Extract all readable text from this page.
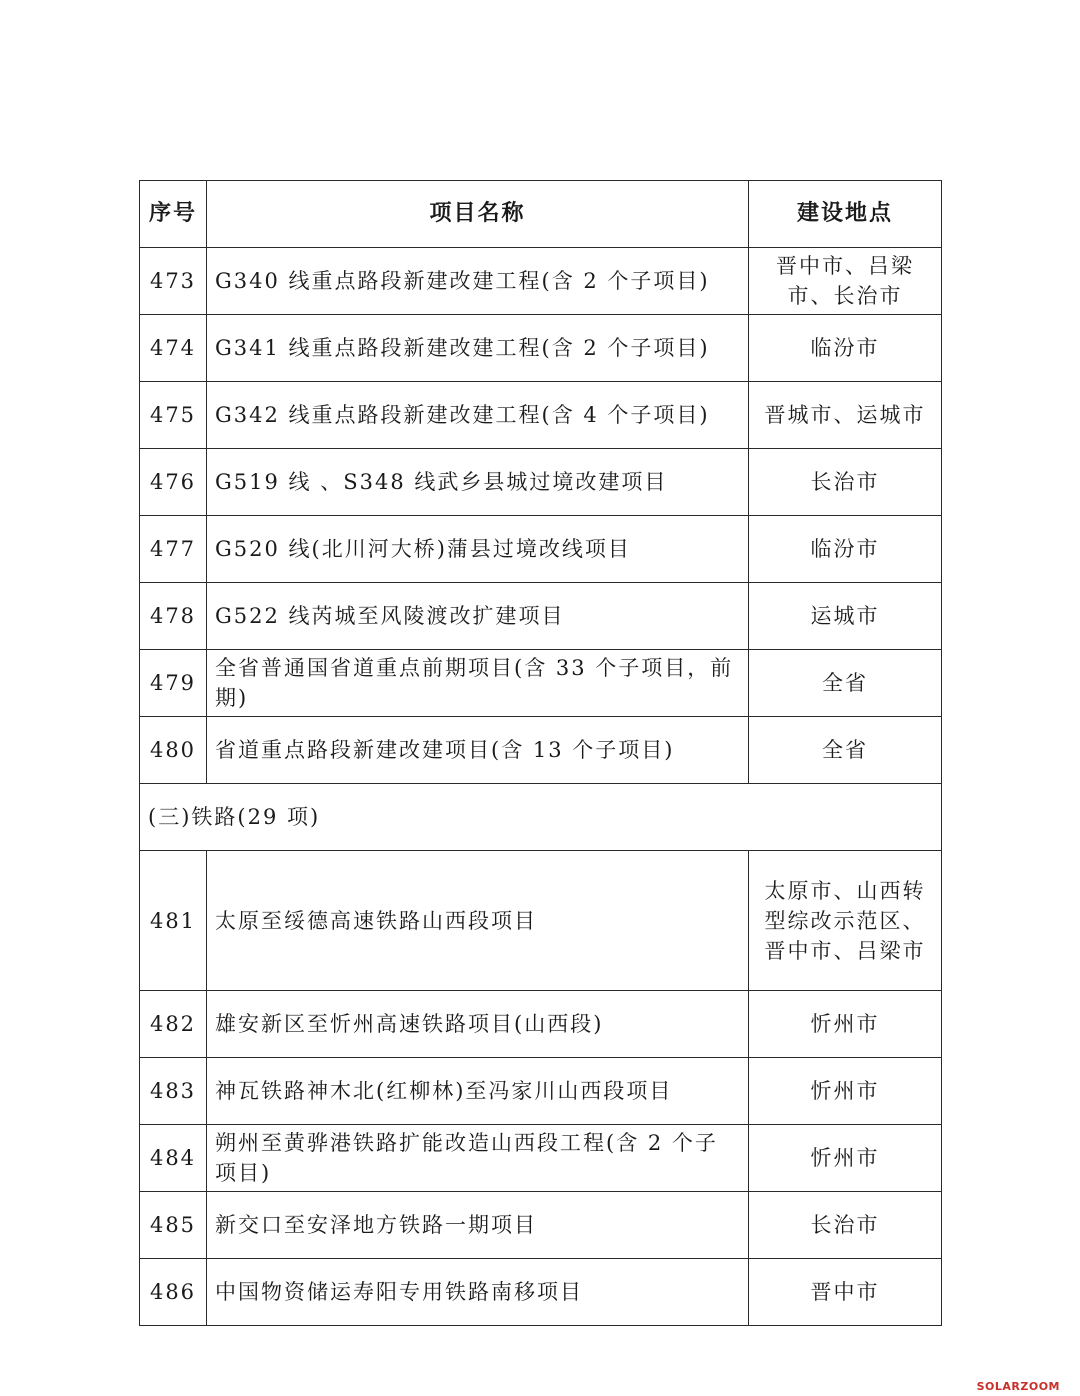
序号	项目名称	建设地点
473	G340 线重点路段新建改建工程(含 2 个子项目)	晋中市、吕梁市、长治市
474	G341 线重点路段新建改建工程(含 2 个子项目)	临汾市
475	G342 线重点路段新建改建工程(含 4 个子项目)	晋城市、运城市
476	G519 线 、S348 线武乡县城过境改建项目	长治市
477	G520 线(北川河大桥)蒲县过境改线项目	临汾市
478	G522 线芮城至风陵渡改扩建项目	运城市
479	全省普通国省道重点前期项目(含 33 个子项目，前期)	全省
480	省道重点路段新建改建项目(含 13 个子项目)	全省
(三)铁路(29 项)		
481	太原至绥德高速铁路山西段项目	太原市、山西转型综改示范区、晋中市、吕梁市
482	雄安新区至忻州高速铁路项目(山西段)	忻州市
483	神瓦铁路神木北(红柳林)至冯家川山西段项目	忻州市
484	朔州至黄骅港铁路扩能改造山西段工程(含 2 个子项目)	忻州市
485	新交口至安泽地方铁路一期项目	长治市
486	中国物资储运寿阳专用铁路南移项目	晋中市
SOLARZOOM
